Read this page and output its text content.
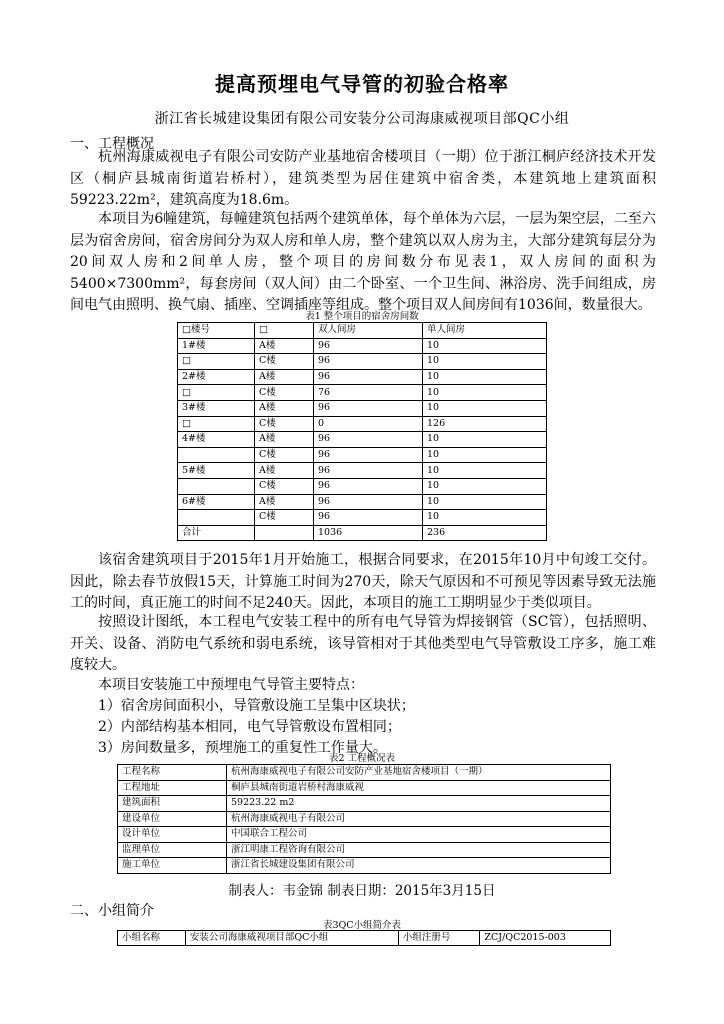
提高预埋电气导管的初验合格率
浙江省长城建设集团有限公司安装分公司海康威视项目部QC小组
一、工程概况

杭州海康威视电子有限公司安防产业基地宿舍楼项目（一期）位于浙江桐庐经济技术开发区（桐庐县城南街道岩桥村），建筑类型为居住建筑中宿舍类，本建筑地上建筑面积59223.22m²，建筑高度为18.6m。

本项目为6幢建筑，每幢建筑包括两个建筑单体，每个单体为六层，一层为架空层，二至六层为宿舍房间，宿舍房间分为双人房和单人房，整个建筑以双人房为主，大部分建筑每层分为20间双人房和2间单人房，整个项目的房间数分布见表1，双人房间的面积为5400×7300mm²，每套房间（双人间）由二个卧室、一个卫生间、淋浴房、洗手间组成，房间电气由照明、换气扇、插座、空调插座等组成。整个项目双人间房间有1036间，数量很大。

表1 整个项目的宿舍房间数
□楼号	□	双人间房	单人间房
1#楼	A楼	96	10
□	C楼	96	10
2#楼	A楼	96	10
□	C楼	76	10
3#楼	A楼	96	10
□	C楼	0	126
4#楼	A楼	96	10
	C楼	96	10
5#楼	A楼	96	10
	C楼	96	10
6#楼	A楼	96	10
	C楼	96	10
合计		1036	236

该宿舍建筑项目于2015年1月开始施工，根据合同要求，在2015年10月中旬竣工交付。因此，除去春节放假15天，计算施工时间为270天，除天气原因和不可预见等因素导致无法施工的时间，真正施工的时间不足240天。因此，本项目的施工工期明显少于类似项目。

按照设计图纸，本工程电气安装工程中的所有电气导管为焊接钢管（SC管），包括照明、开关、设备、消防电气系统和弱电系统，该导管相对于其他类型电气导管敷设工序多，施工难度较大。

本项目安装施工中预埋电气导管主要特点：
1）宿舍房间面积小，导管敷设施工呈集中区块状；
2）内部结构基本相同，电气导管敷设布置相同；
3）房间数量多，预埋施工的重复性工作量大。
表2 工程概况表
工程名称	杭州海康威视电子有限公司安防产业基地宿舍楼项目（一期）
工程地址	桐庐县城南街道岩桥村海康威视
建筑面积	59223.22 m2
建设单位	杭州海康威视电子有限公司
设计单位	中国联合工程公司
监理单位	浙江明康工程咨询有限公司
施工单位	浙江省长城建设集团有限公司
制表人：韦金锦 制表日期：2015年3月15日
二、小组简介
表3QC小组简介表
小组名称	安装公司海康威视项目部QC小组	小组注册号	ZCJ/QC2015-003
